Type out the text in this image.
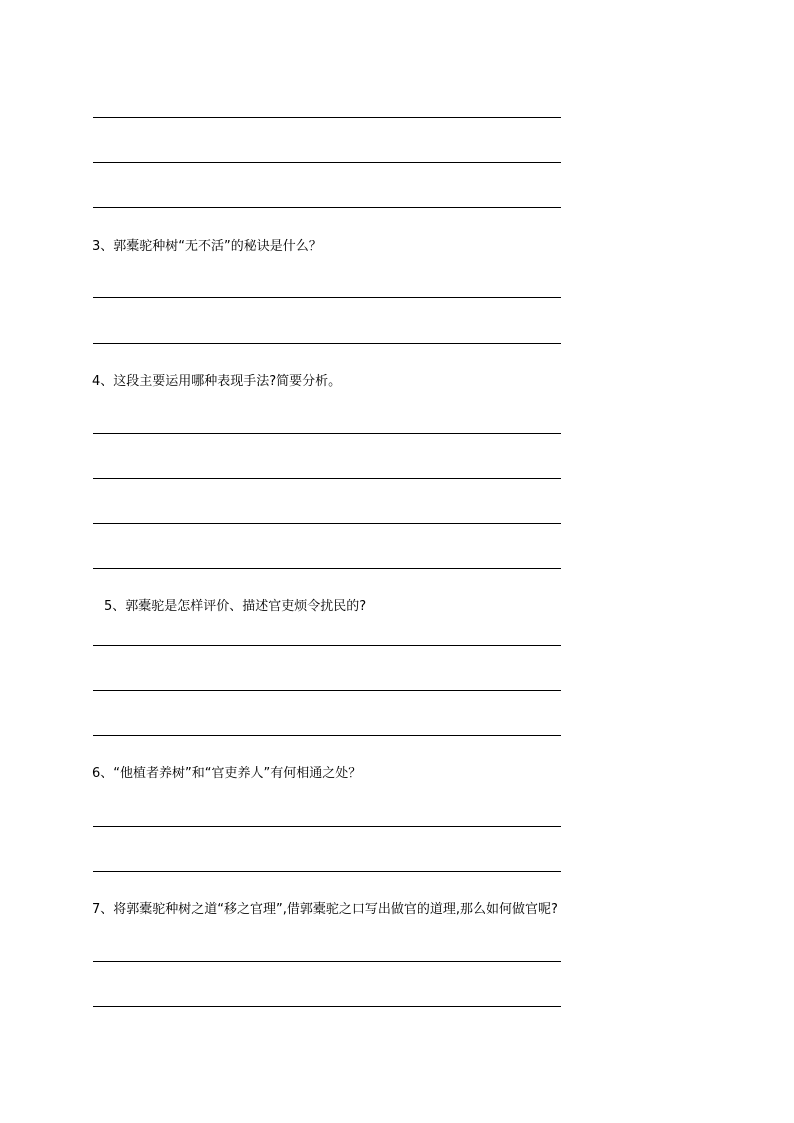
3、郭橐驼种树“无不活”的秘诀是什么？
4、这段主要运用哪种表现手法?简要分析。
5、郭橐驼是怎样评价、描述官吏烦令扰民的?
6、“他植者养树”和“官吏养人”有何相通之处？
7、将郭橐驼种树之道“移之官理”,借郭橐驼之口写出做官的道理,那么如何做官呢?
